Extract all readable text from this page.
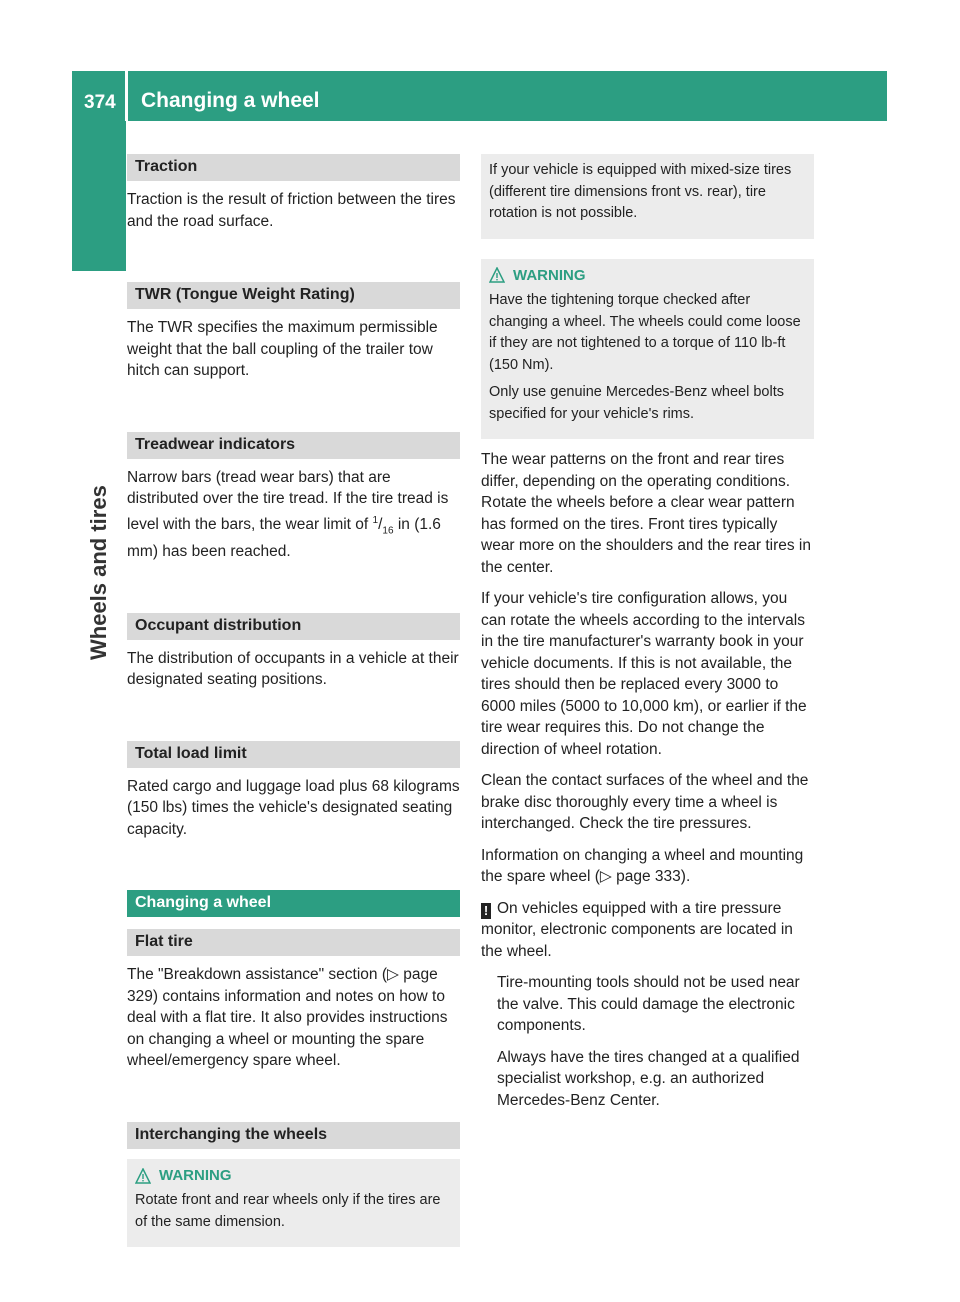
374 Changing a wheel
Wheels and tires
Traction

Traction is the result of friction between the tires and the road surface.

TWR (Tongue Weight Rating)

The TWR specifies the maximum permissible weight that the ball coupling of the trailer tow hitch can support.

Treadwear indicators

Narrow bars (tread wear bars) that are distributed over the tire tread. If the tire tread is level with the bars, the wear limit of $^1/_{16}$ in (1.6 mm) has been reached.

Occupant distribution

The distribution of occupants in a vehicle at their designated seating positions.

Total load limit

Rated cargo and luggage load plus 68 kilograms (150 lbs) times the vehicle's designated seating capacity.

Changing a wheel
Flat tire

The "Breakdown assistance" section (▷ page 329) contains information and notes on how to deal with a flat tire. It also provides instructions on changing a wheel or mounting the spare wheel/emergency spare wheel.

Interchanging the wheels
WARNING

Rotate front and rear wheels only if the tires are of the same dimension.

If your vehicle is equipped with mixed-size tires (different tire dimensions front vs. rear), tire rotation is not possible.

WARNING

Have the tightening torque checked after changing a wheel. The wheels could come loose if they are not tightened to a torque of 110 lb-ft (150 Nm).

Only use genuine Mercedes-Benz wheel bolts specified for your vehicle's rims.

The wear patterns on the front and rear tires differ, depending on the operating conditions. Rotate the wheels before a clear wear pattern has formed on the tires. Front tires typically wear more on the shoulders and the rear tires in the center.

If your vehicle's tire configuration allows, you can rotate the wheels according to the intervals in the tire manufacturer's warranty book in your vehicle documents. If this is not available, the tires should then be replaced every 3000 to 6000 miles (5000 to 10,000 km), or earlier if the tire wear requires this. Do not change the direction of wheel rotation.

Clean the contact surfaces of the wheel and the brake disc thoroughly every time a wheel is interchanged. Check the tire pressures.

Information on changing a wheel and mounting the spare wheel (▷ page 333).

! On vehicles equipped with a tire pressure monitor, electronic components are located in the wheel.

Tire-mounting tools should not be used near the valve. This could damage the electronic components.

Always have the tires changed at a qualified specialist workshop, e.g. an authorized Mercedes-Benz Center.
